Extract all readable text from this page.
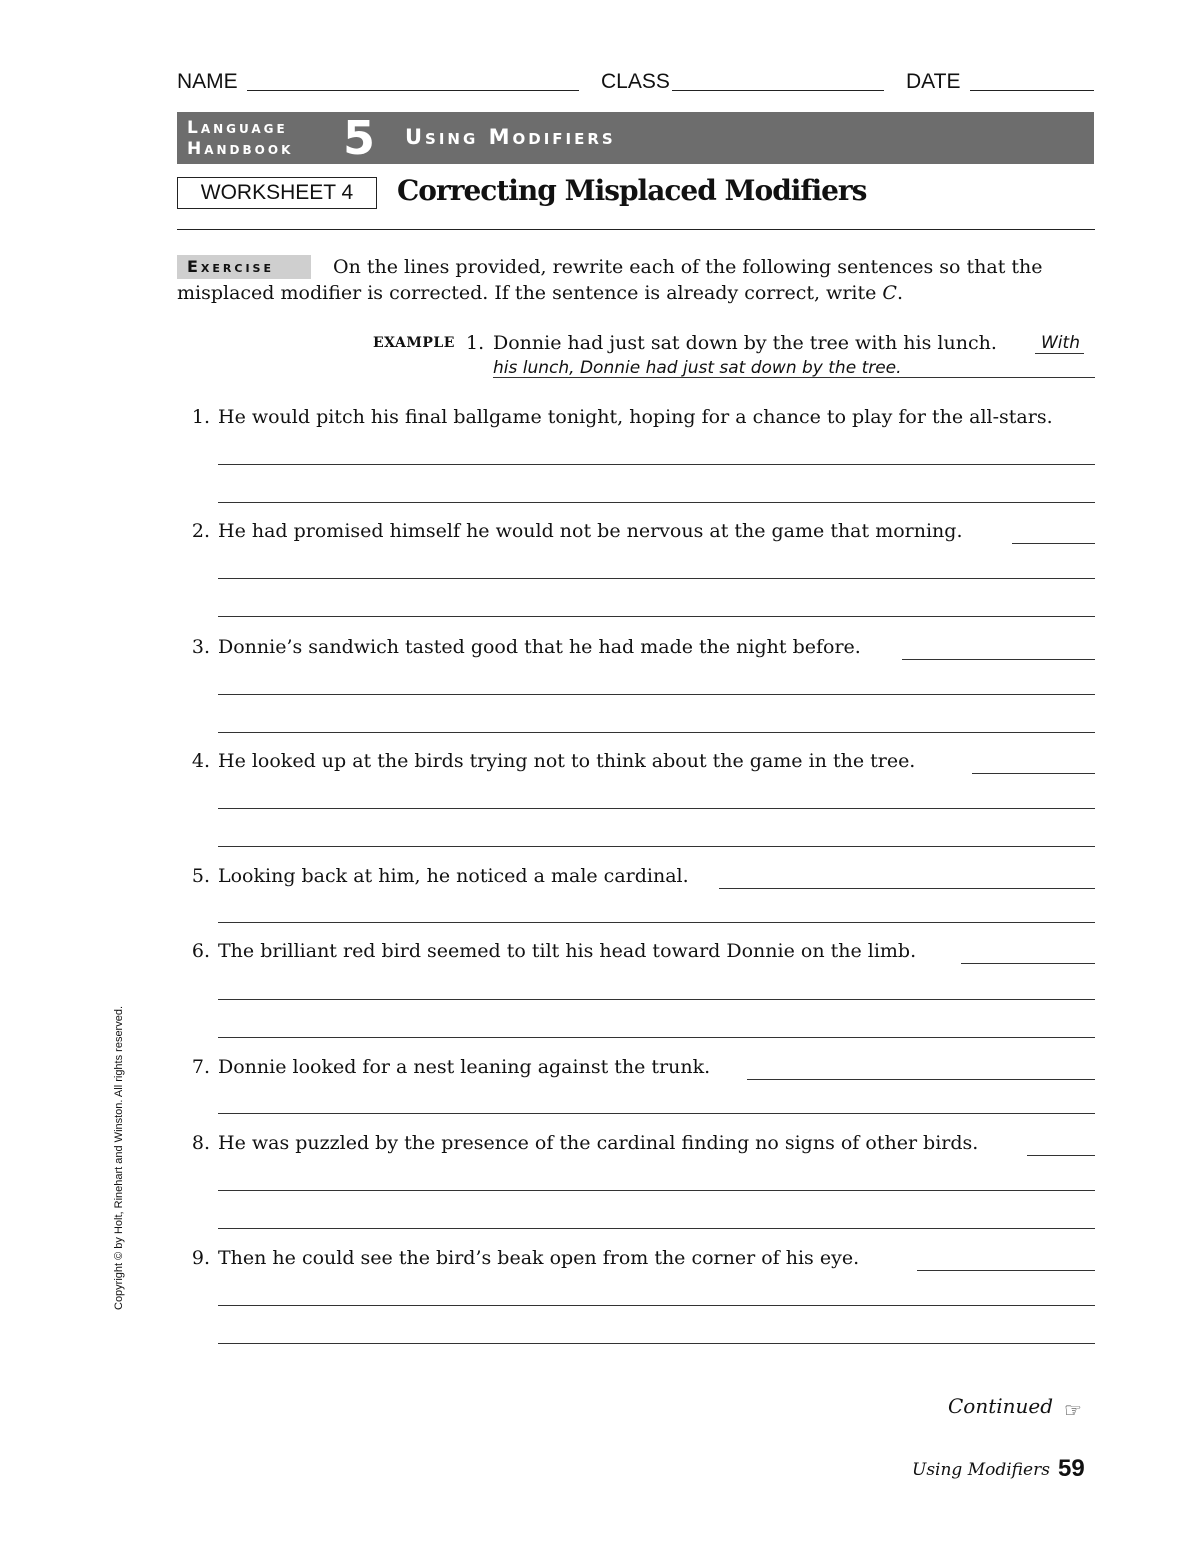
NAME	CLASS	DATE
Language
Handbook 5 Using Modifiers
WORKSHEET 4	Correcting Misplaced Modifiers
Exercise	On the lines provided, rewrite each of the following sentences so that the
misplaced modifier is corrected. If the sentence is already correct, write C.
EXAMPLE 1. Donnie had just sat down by the tree with his lunch.	With
his lunch, Donnie had just sat down by the tree.
1. He would pitch his final ballgame tonight, hoping for a chance to play for the all-stars.
2. He had promised himself he would not be nervous at the game that morning.
3. Donnie’s sandwich tasted good that he had made the night before.
4. He looked up at the birds trying not to think about the game in the tree.
5. Looking back at him, he noticed a male cardinal.
6. The brilliant red bird seemed to tilt his head toward Donnie on the limb.
7. Donnie looked for a nest leaning against the trunk.
8. He was puzzled by the presence of the cardinal finding no signs of other birds.
9. Then he could see the bird’s beak open from the corner of his eye.
Copyright © by Holt, Rinehart and Winston. All rights reserved.
Continued ☞
Using Modifiers 59
